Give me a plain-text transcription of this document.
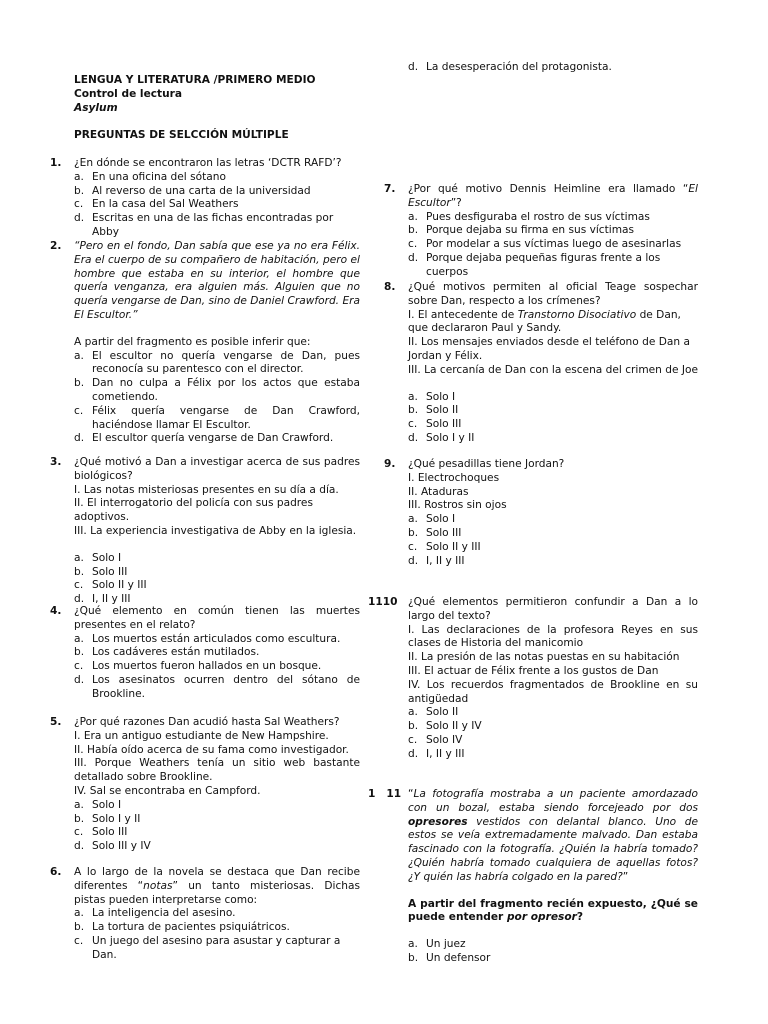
LENGUA Y LITERATURA /PRIMERO MEDIO
Control de lectura
Asylum
PREGUNTAS DE SELCCIÓN MÚLTIPLE
1. ¿En dónde se encontraron las letras ‘DCTR RAFD’?
a. En una oficina del sótano
b. Al reverso de una carta de la universidad
c. En la casa del Sal Weathers
d. Escritas en una de las fichas encontradas por Abby
2. “Pero en el fondo, Dan sabía que ese ya no era Félix. Era el cuerpo de su compañero de habitación, pero el hombre que estaba en su interior, el hombre que quería venganza, era alguien más. Alguien que no quería vengarse de Dan, sino de Daniel Crawford. Era El Escultor.”
A partir del fragmento es posible inferir que:
a. El escultor no quería vengarse de Dan, pues reconocía su parentesco con el director.
b. Dan no culpa a Félix por los actos que estaba cometiendo.
c. Félix quería vengarse de Dan Crawford, haciéndose llamar El Escultor.
d. El escultor quería vengarse de Dan Crawford.
3. ¿Qué motivó a Dan a investigar acerca de sus padres biológicos?
I. Las notas misteriosas presentes en su día a día.
II. El interrogatorio del policía con sus padres adoptivos.
III. La experiencia investigativa de Abby en la iglesia.
a. Solo I
b. Solo III
c. Solo II y III
d. I, II y III
4. ¿Qué elemento en común tienen las muertes presentes en el relato?
a. Los muertos están articulados como escultura.
b. Los cadáveres están mutilados.
c. Los muertos fueron hallados en un bosque.
d. Los asesinatos ocurren dentro del sótano de Brookline.
5. ¿Por qué razones Dan acudió hasta Sal Weathers?
I. Era un antiguo estudiante de New Hampshire.
II. Había oído acerca de su fama como investigador.
III. Porque Weathers tenía un sitio web bastante detallado sobre Brookline.
IV. Sal se encontraba en Campford.
a. Solo I
b. Solo I y II
c. Solo III
d. Solo III y IV
6. A lo largo de la novela se destaca que Dan recibe diferentes “notas” un tanto misteriosas. Dichas pistas pueden interpretarse como:
a. La inteligencia del asesino.
b. La tortura de pacientes psiquiátricos.
c. Un juego del asesino para asustar y capturar a Dan.
d. La desesperación del protagonista.
7. ¿Por qué motivo Dennis Heimline era llamado “El Escultor”?
a. Pues desfiguraba el rostro de sus víctimas
b. Porque dejaba su firma en sus víctimas
c. Por modelar a sus víctimas luego de asesinarlas
d. Porque dejaba pequeñas figuras frente a los cuerpos
8. ¿Qué motivos permiten al oficial Teage sospechar sobre Dan, respecto a los crímenes?
I. El antecedente de Transtorno Disociativo de Dan, que declararon Paul y Sandy.
II. Los mensajes enviados desde el teléfono de Dan a Jordan y Félix.
III. La cercanía de Dan con la escena del crimen de Joe
a. Solo I
b. Solo II
c. Solo III
d. Solo I y II
9. ¿Qué pesadillas tiene Jordan?
I. Electrochoques
II. Ataduras
III. Rostros sin ojos
a. Solo I
b. Solo III
c. Solo II y III
d. I, II y III
1110 ¿Qué elementos permitieron confundir a Dan a lo largo del texto?
I. Las declaraciones de la profesora Reyes en sus clases de Historia del manicomio
II. La presión de las notas puestas en su habitación
III. El actuar de Félix frente a los gustos de Dan
IV. Los recuerdos fragmentados de Brookline en su antigüedad
a. Solo II
b. Solo II y IV
c. Solo IV
d. I, II y III
1   11 “La fotografía mostraba a un paciente amordazado con un bozal, estaba siendo forcejeado por dos opresores vestidos con delantal blanco. Uno de estos se veía extremadamente malvado. Dan estaba fascinado con la fotografía. ¿Quién la habría tomado? ¿Quién habría tomado cualquiera de aquellas fotos? ¿Y quién las habría colgado en la pared?”
A partir del fragmento recién expuesto, ¿Qué se puede entender por opresor?
a. Un juez
b. Un defensor
